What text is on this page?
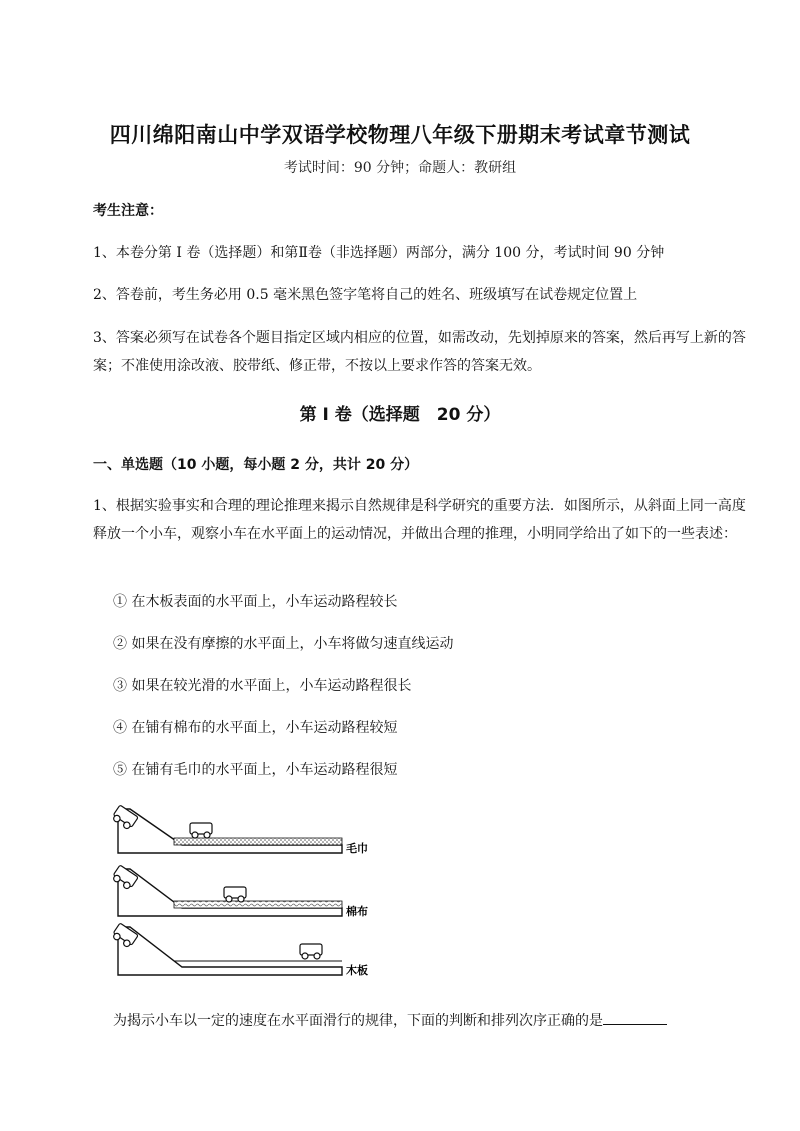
四川绵阳南山中学双语学校物理八年级下册期末考试章节测试
考试时间：90 分钟；命题人：教研组
考生注意：
1、本卷分第 I 卷（选择题）和第Ⅱ卷（非选择题）两部分，满分 100 分，考试时间 90 分钟
2、答卷前，考生务必用 0.5 毫米黑色签字笔将自己的姓名、班级填写在试卷规定位置上
3、答案必须写在试卷各个题目指定区域内相应的位置，如需改动，先划掉原来的答案，然后再写上新的答案；不准使用涂改液、胶带纸、修正带，不按以上要求作答的答案无效。
第 I 卷（选择题　20 分）
一、单选题（10 小题，每小题 2 分，共计 20 分）
1、根据实验事实和合理的理论推理来揭示自然规律是科学研究的重要方法．如图所示，从斜面上同一高度释放一个小车，观察小车在水平面上的运动情况，并做出合理的推理，小明同学给出了如下的一些表述：
① 在木板表面的水平面上，小车运动路程较长
② 如果在没有摩擦的水平面上，小车将做匀速直线运动
③ 如果在较光滑的水平面上，小车运动路程很长
④ 在铺有棉布的水平面上，小车运动路程较短
⑤ 在铺有毛巾的水平面上，小车运动路程很短
毛巾
棉布
木板
为揭示小车以一定的速度在水平面滑行的规律，下面的判断和排列次序正确的是
